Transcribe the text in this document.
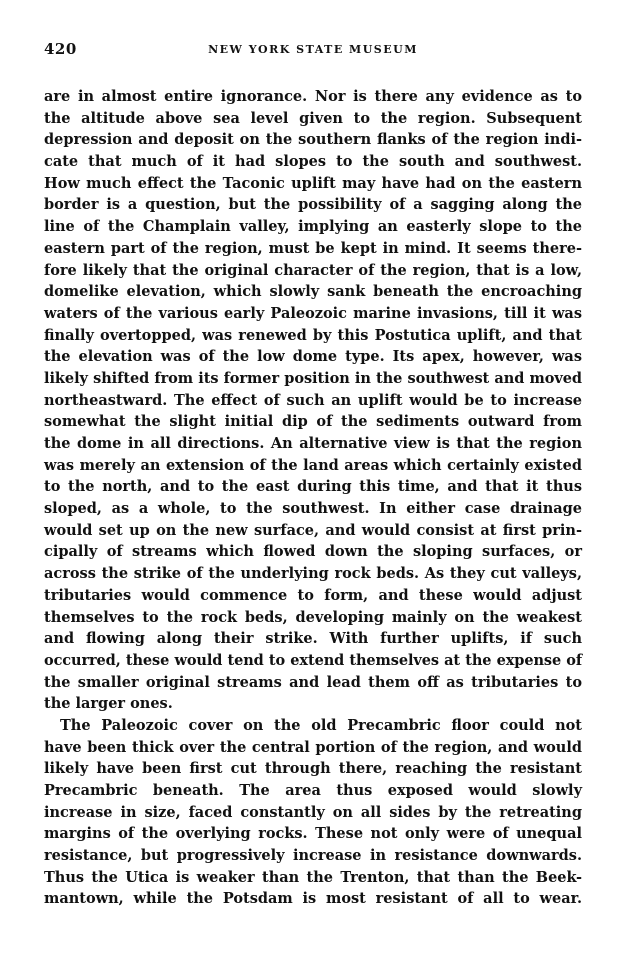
420	NEW YORK STATE MUSEUM
are in almost entire ignorance. Nor is there any evidence as to
the altitude above sea level given to the region. Subsequent
depression and deposit on the southern flanks of the region indi-
cate that much of it had slopes to the south and southwest.
How much effect the Taconic uplift may have had on the eastern
border is a question, but the possibility of a sagging along the
line of the Champlain valley, implying an easterly slope to the
eastern part of the region, must be kept in mind. It seems there-
fore likely that the original character of the region, that is a low,
domelike elevation, which slowly sank beneath the encroaching
waters of the various early Paleozoic marine invasions, till it was
finally overtopped, was renewed by this Postutica uplift, and that
the elevation was of the low dome type. Its apex, however, was
likely shifted from its former position in the southwest and moved
northeastward. The effect of such an uplift would be to increase
somewhat the slight initial dip of the sediments outward from
the dome in all directions. An alternative view is that the region
was merely an extension of the land areas which certainly existed
to the north, and to the east during this time, and that it thus
sloped, as a whole, to the southwest. In either case drainage
would set up on the new surface, and would consist at first prin-
cipally of streams which flowed down the sloping surfaces, or
across the strike of the underlying rock beds. As they cut valleys,
tributaries would commence to form, and these would adjust
themselves to the rock beds, developing mainly on the weakest
and flowing along their strike. With further uplifts, if such
occurred, these would tend to extend themselves at the expense of
the smaller original streams and lead them off as tributaries to
the larger ones.
The Paleozoic cover on the old Precambric floor could not
have been thick over the central portion of the region, and would
likely have been first cut through there, reaching the resistant
Precambric beneath. The area thus exposed would slowly
increase in size, faced constantly on all sides by the retreating
margins of the overlying rocks. These not only were of unequal
resistance, but progressively increase in resistance downwards.
Thus the Utica is weaker than the Trenton, that than the Beek-
mantown, while the Potsdam is most resistant of all to wear.
